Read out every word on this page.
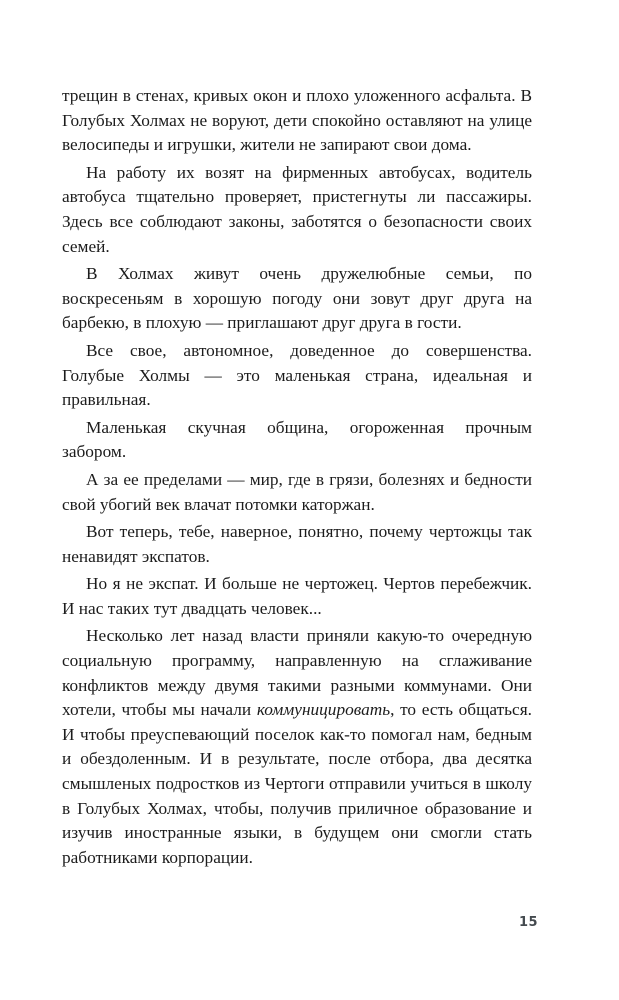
трещин в стенах, кривых окон и плохо уложенного асфальта. В Голубых Холмах не воруют, дети спокойно оставляют на улице велосипеды и игрушки, жители не запирают свои дома.

На работу их возят на фирменных автобусах, водитель автобуса тщательно проверяет, пристегнуты ли пассажиры. Здесь все соблюдают законы, заботятся о безопасности своих семей.

В Холмах живут очень дружелюбные семьи, по воскресеньям в хорошую погоду они зовут друг друга на барбекю, в плохую — приглашают друг друга в гости.

Все свое, автономное, доведенное до совершенства. Голубые Холмы — это маленькая страна, идеальная и правильная.

Маленькая скучная община, огороженная прочным забором.

А за ее пределами — мир, где в грязи, болезнях и бедности свой убогий век влачат потомки каторжан.

Вот теперь, тебе, наверное, понятно, почему чертожцы так ненавидят экспатов.

Но я не экспат. И больше не чертожец. Чертов перебежчик. И нас таких тут двадцать человек...

Несколько лет назад власти приняли какую-то очередную социальную программу, направленную на сглаживание конфликтов между двумя такими разными коммунами. Они хотели, чтобы мы начали коммуницировать, то есть общаться. И чтобы преуспевающий поселок как-то помогал нам, бедным и обездоленным. И в результате, после отбора, два десятка смышленых подростков из Чертоги отправили учиться в школу в Голубых Холмах, чтобы, получив приличное образование и изучив иностранные языки, в будущем они смогли стать работниками корпорации.

15
